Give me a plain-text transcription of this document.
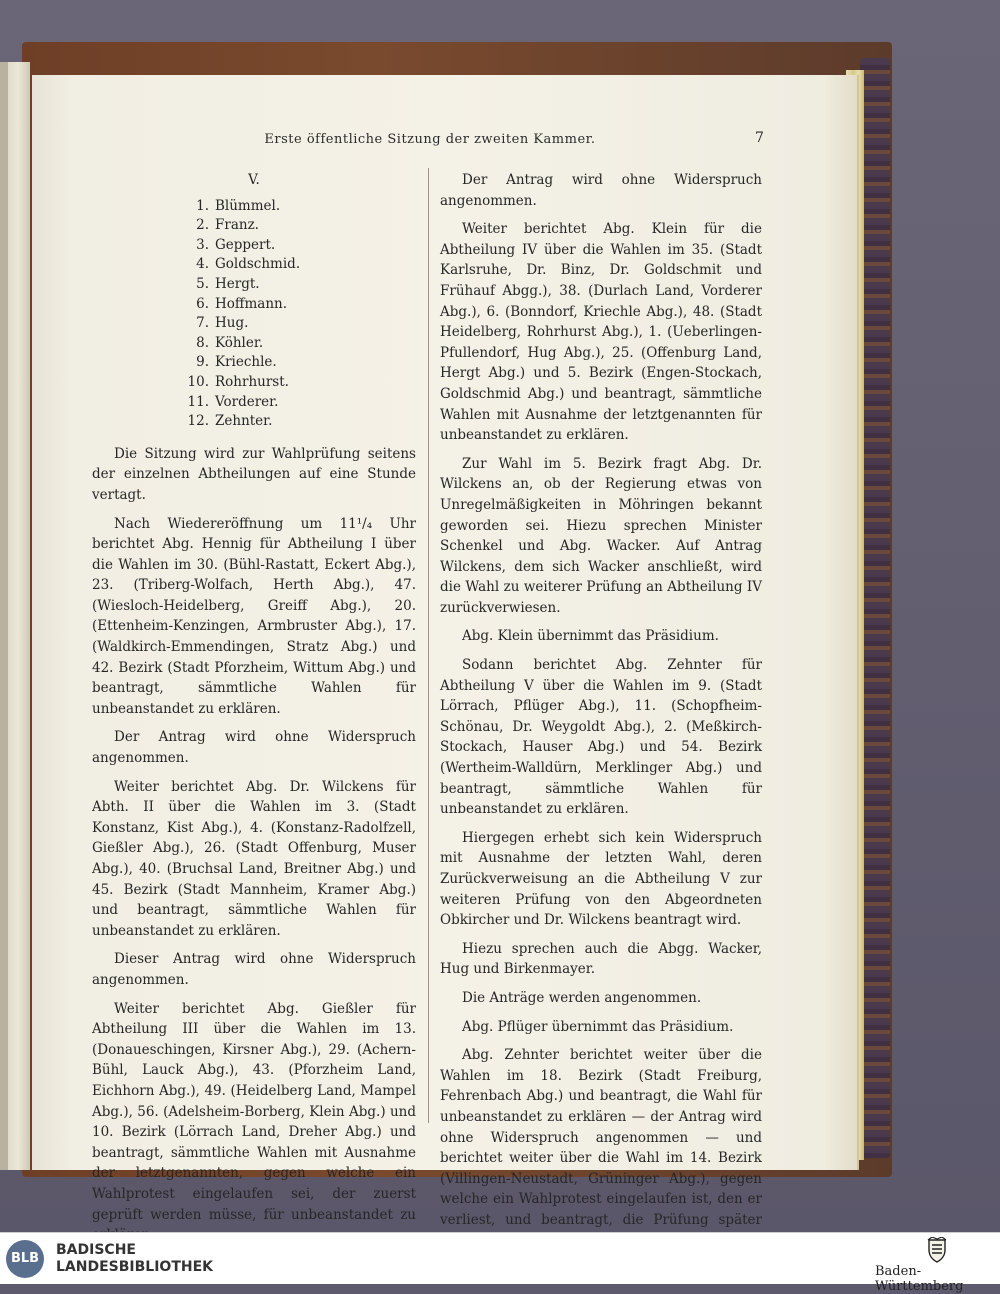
Erste öffentliche Sitzung der zweiten Kammer.	7
V.
1. Blümmel.
2. Franz.
3. Geppert.
4. Goldschmid.
5. Hergt.
6. Hoffmann.
7. Hug.
8. Köhler.
9. Kriechle.
10. Rohrhurst.
11. Vorderer.
12. Zehnter.

Die Sitzung wird zur Wahlprüfung seitens der einzelnen Abtheilungen auf eine Stunde vertagt.

Nach Wiedereröffnung um 11¹/₄ Uhr berichtet Abg. Hennig für Abtheilung I über die Wahlen im 30. (Bühl-Rastatt, Eckert Abg.), 23. (Triberg-Wolfach, Herth Abg.), 47. (Wiesloch-Heidelberg, Greiff Abg.), 20. (Ettenheim-Kenzingen, Armbruster Abg.), 17. (Waldkirch-Emmendingen, Stratz Abg.) und 42. Bezirk (Stadt Pforzheim, Wittum Abg.) und beantragt, sämmtliche Wahlen für unbeanstandet zu erklären.

Der Antrag wird ohne Widerspruch angenommen.

Weiter berichtet Abg. Dr. Wilckens für Abth. II über die Wahlen im 3. (Stadt Konstanz, Kist Abg.), 4. (Konstanz-Radolfzell, Gießler Abg.), 26. (Stadt Offenburg, Muser Abg.), 40. (Bruchsal Land, Breitner Abg.) und 45. Bezirk (Stadt Mannheim, Kramer Abg.) und beantragt, sämmtliche Wahlen für unbeanstandet zu erklären.

Dieser Antrag wird ohne Widerspruch angenommen.

Weiter berichtet Abg. Gießler für Abtheilung III über die Wahlen im 13. (Donaueschingen, Kirsner Abg.), 29. (Achern-Bühl, Lauck Abg.), 43. (Pforzheim Land, Eichhorn Abg.), 49. (Heidelberg Land, Mampel Abg.), 56. (Adelsheim-Borberg, Klein Abg.) und 10. Bezirk (Lörrach Land, Dreher Abg.) und beantragt, sämmtliche Wahlen mit Ausnahme der letztgenannten, gegen welche ein Wahlprotest eingelaufen sei, der zuerst geprüft werden müsse, für unbeanstandet zu

Der Antrag wird ohne Widerspruch angenommen.

Weiter berichtet Abg. Klein für die Abtheilung IV über die Wahlen im 35. (Stadt Karlsruhe, Dr. Binz, Dr. Goldschmit und Frühauf Abgg.), 38. (Durlach Land, Vorderer Abg.), 6. (Bonndorf, Kriechle Abg.), 48. (Stadt Heidelberg, Rohrhurst Abg.), 1. (Ueberlingen-Pfullendorf, Hug Abg.), 25. (Offenburg Land, Hergt Abg.) und 5. Bezirk (Engen-Stockach, Goldschmid Abg.) und beantragt, sämmtliche Wahlen mit Ausnahme der letztgenannten für unbeanstandet zu erklären.

Zur Wahl im 5. Bezirk fragt Abg. Dr. Wilckens an, ob der Regierung etwas von Unregelmäßigkeiten in Möhringen bekannt geworden sei. Hiezu sprechen Minister Schenkel und Abg. Wacker. Auf Antrag Wilckens, dem sich Wacker anschließt, wird die Wahl zu weiterer Prüfung an Abtheilung IV zurückverwiesen.

Abg. Klein übernimmt das Präsidium.

Sodann berichtet Abg. Zehnter für Abtheilung V über die Wahlen im 9. (Stadt Lörrach, Pflüger Abg.), 11. (Schopfheim-Schönau, Dr. Weygoldt Abg.), 2. (Meßkirch-Stockach, Hauser Abg.) und 54. Bezirk (Wertheim-Walldürn, Merklinger Abg.) und beantragt, sämmtliche Wahlen für unbeanstandet zu erklären.

Hiergegen erhebt sich kein Widerspruch mit Ausnahme der letzten Wahl, deren Zurückverweisung an die Abtheilung V zur weiteren Prüfung von den Abgeordneten Obkircher und Dr. Wilckens beantragt wird.

Hiezu sprechen auch die Abgg. Wacker, Hug und Birkenmayer.

Die Anträge werden angenommen.

Abg. Pflüger übernimmt das Präsidium.

Abg. Zehnter berichtet weiter über die Wahlen im 18. Bezirk (Stadt Freiburg, Fehrenbach Abg.) und beantragt, die Wahl für unbeanstandet zu erklären — der Antrag wird ohne Widerspruch angenommen — und berichtet weiter über die Wahl im 14. Bezirk (Villingen-Neustadt, Grüninger Abg.), gegen welche ein Wahlprotest eingelaufen ist, den er verliest, und beantragt, die Prüfung später

BLB
BADISCHE
LANDESBIBLIOTHEK	Baden-Württemberg
